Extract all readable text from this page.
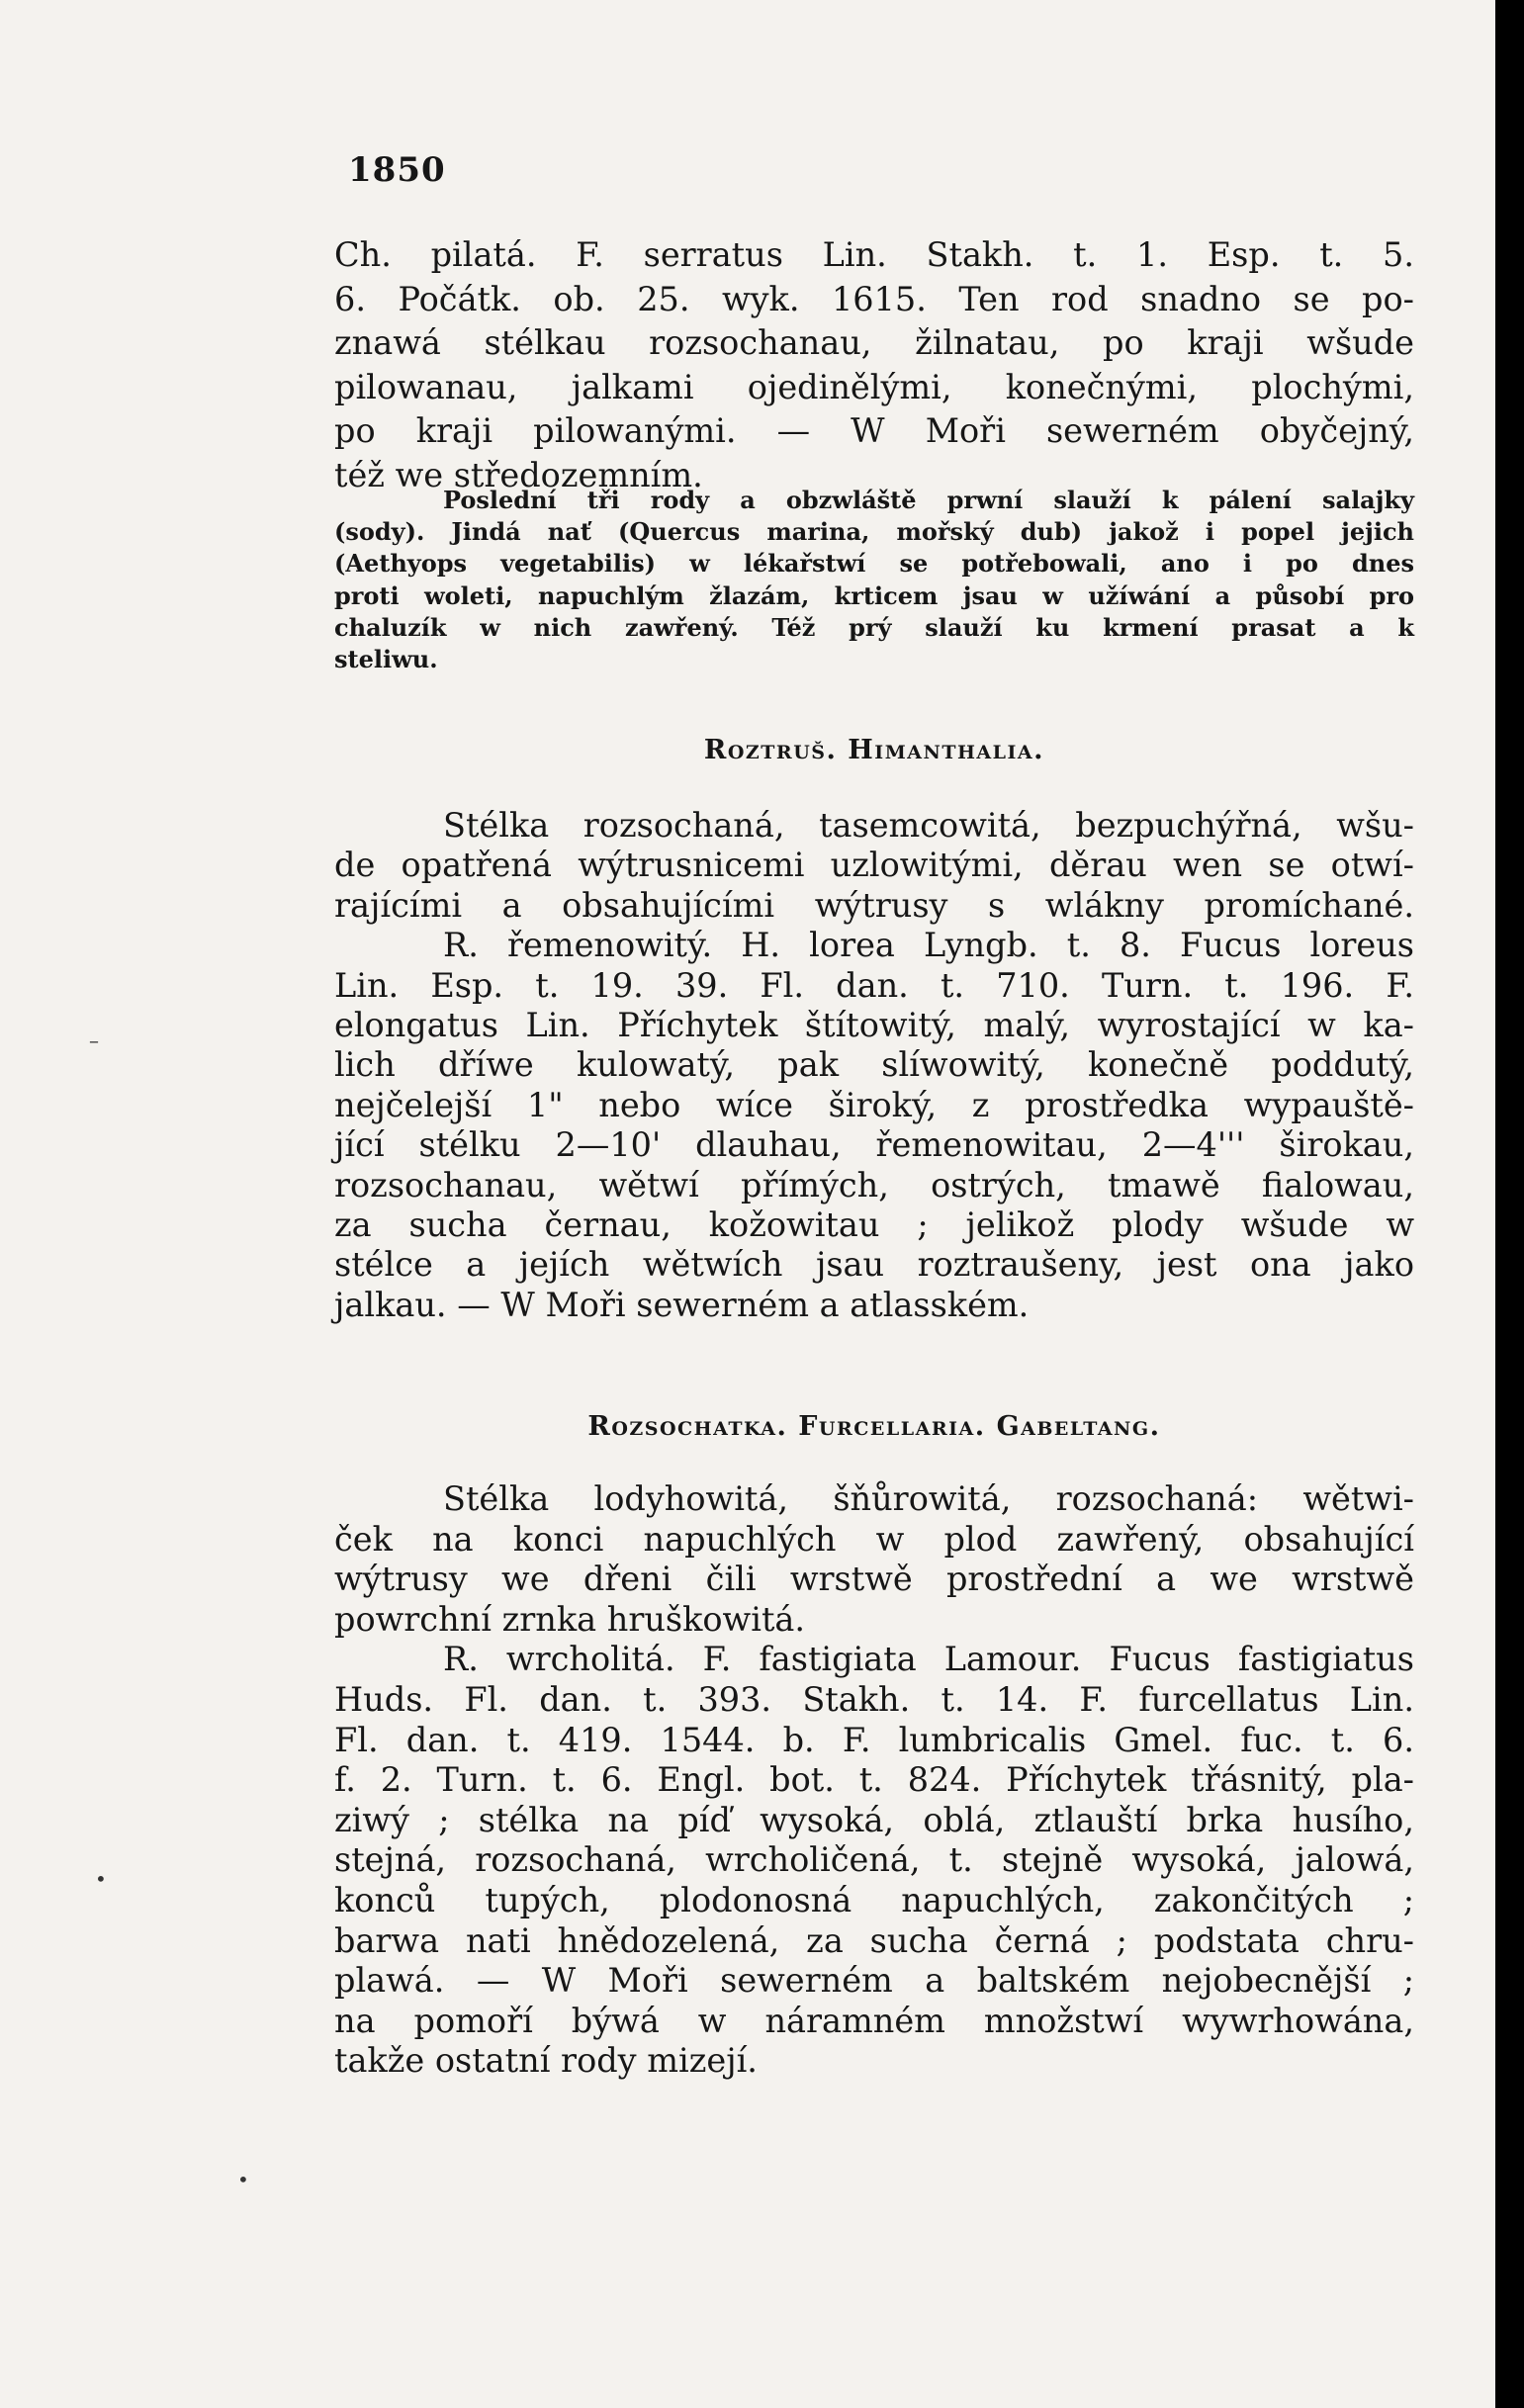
1850
Ch. pilatá. F. serratus Lin. Stakh. t. 1. Esp. t. 5.
6. Počátk. ob. 25. wyk. 1615. Ten rod snadno se po-
znawá stélkau rozsochanau, žilnatau, po kraji wšude
pilowanau, jalkami ojedinělými, konečnými, plochými,
po kraji pilowanými. — W Moři sewerném obyčejný,
též we středozemním.
Poslední tři rody a obzwláště prwní slauží k pálení salajky
(sody). Jindá nať (Quercus marina, mořský dub) jakož i popel jejich
(Aethyops vegetabilis) w lékařstwí se potřebowali, ano i po dnes
proti woleti, napuchlým žlazám, krticem jsau w užíwání a působí pro
chaluzík w nich zawřený. Též prý slauží ku krmení prasat a k
steliwu.
Roztruš. Himanthalia.
Stélka rozsochaná, tasemcowitá, bezpuchýřná, wšu-
de opatřená wýtrusnicemi uzlowitými, děrau wen se otwí-
rajícími a obsahujícími wýtrusy s wlákny promíchané.
R. řemenowitý. H. lorea Lyngb. t. 8. Fucus loreus
Lin. Esp. t. 19. 39. Fl. dan. t. 710. Turn. t. 196. F.
elongatus Lin. Příchytek štítowitý, malý, wyrostající w ka-
lich dříwe kulowatý, pak slíwowitý, konečně poddutý,
nejčelejší 1" nebo wíce široký, z prostředka wypauště-
jící stélku 2—10' dlauhau, řemenowitau, 2—4''' širokau,
rozsochanau, wětwí přímých, ostrých, tmawě fialowau,
za sucha černau, kožowitau ; jelikož plody wšude w
stélce a jejích wětwích jsau roztraušeny, jest ona jako
jalkau. — W Moři sewerném a atlasském.
Rozsochatka. Furcellaria. Gabeltang.
Stélka lodyhowitá, šňůrowitá, rozsochaná: wětwi-
ček na konci napuchlých w plod zawřený, obsahující
wýtrusy we dřeni čili wrstwě prostřední a we wrstwě
powrchní zrnka hruškowitá.
R. wrcholitá. F. fastigiata Lamour. Fucus fastigiatus
Huds. Fl. dan. t. 393. Stakh. t. 14. F. furcellatus Lin.
Fl. dan. t. 419. 1544. b. F. lumbricalis Gmel. fuc. t. 6.
f. 2. Turn. t. 6. Engl. bot. t. 824. Příchytek třásnitý, pla-
ziwý ; stélka na píď wysoká, oblá, ztlauští brka husího,
stejná, rozsochaná, wrcholičená, t. stejně wysoká, jalowá,
konců tupých, plodonosná napuchlých, zakončitých ;
barwa nati hnědozelená, za sucha černá ; podstata chru-
plawá. — W Moři sewerném a baltském nejobecnější ;
na pomoří býwá w náramném množstwí wywrhowána,
takže ostatní rody mizejí.
–
•
•
